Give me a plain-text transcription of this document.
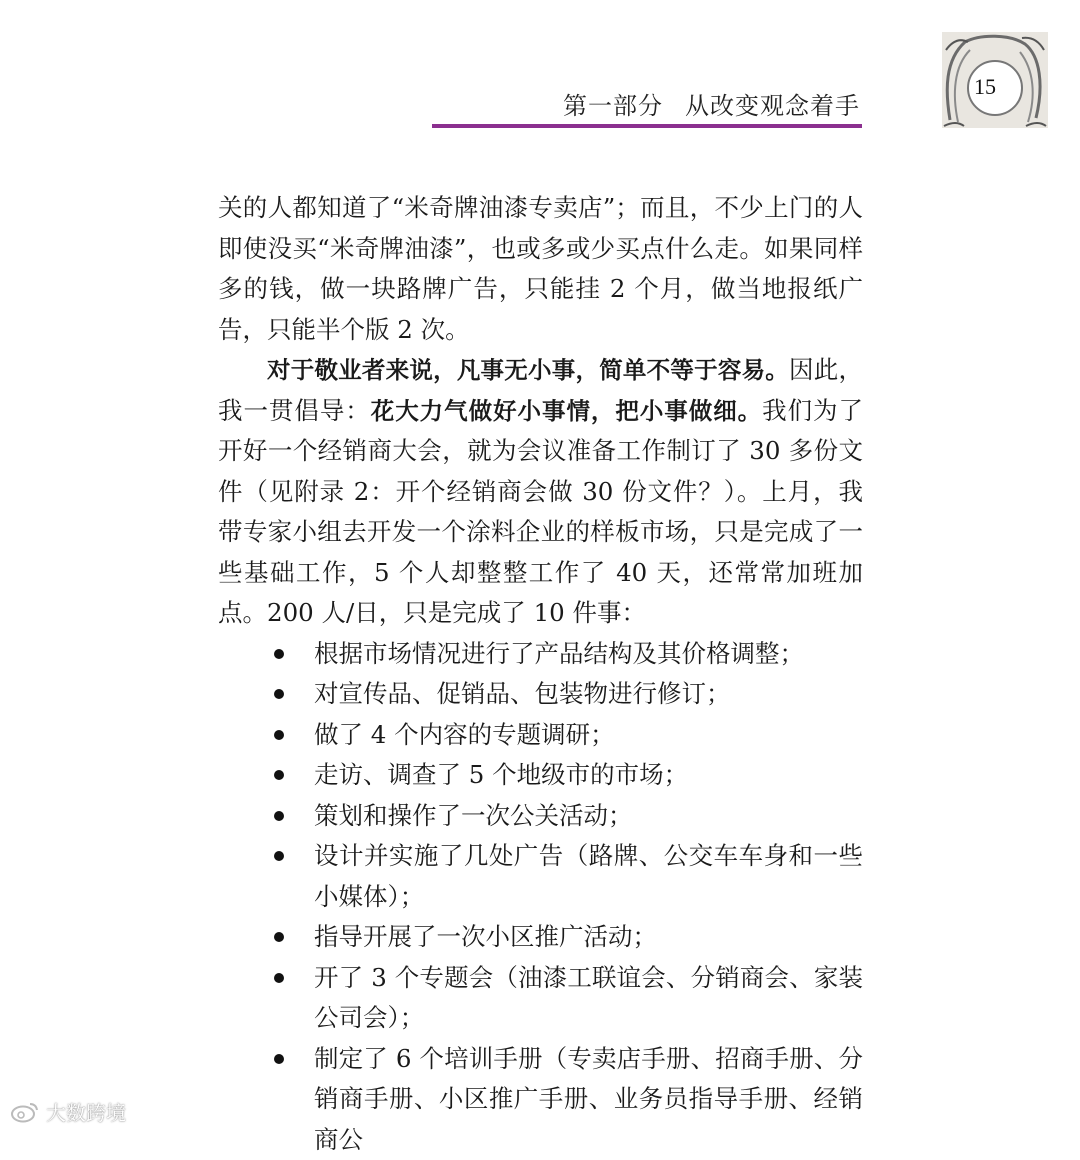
第一部分 从改变观念着手
15

关的人都知道了“米奇牌油漆专卖店”；而且，不少上门的人即使没买“米奇牌油漆”，也或多或少买点什么走。如果同样多的钱，做一块路牌广告，只能挂 2 个月，做当地报纸广告，只能半个版 2 次。

对于敬业者来说，凡事无小事，简单不等于容易。因此，我一贯倡导：花大力气做好小事情，把小事做细。我们为了开好一个经销商大会，就为会议准备工作制订了 30 多份文件（见附录 2：开个经销商会做 30 份文件？）。上月，我带专家小组去开发一个涂料企业的样板市场，只是完成了一些基础工作，5 个人却整整工作了 40 天，还常常加班加点。200 人/日，只是完成了 10 件事：

根据市场情况进行了产品结构及其价格调整；
对宣传品、促销品、包装物进行修订；
做了 4 个内容的专题调研；
走访、调查了 5 个地级市的市场；
策划和操作了一次公关活动；
设计并实施了几处广告（路牌、公交车车身和一些小媒体）；
指导开展了一次小区推广活动；
开了 3 个专题会（油漆工联谊会、分销商会、家装公司会）；
制定了 6 个培训手册（专卖店手册、招商手册、分销商手册、小区推广手册、业务员指导手册、经销商公
大数跨境
